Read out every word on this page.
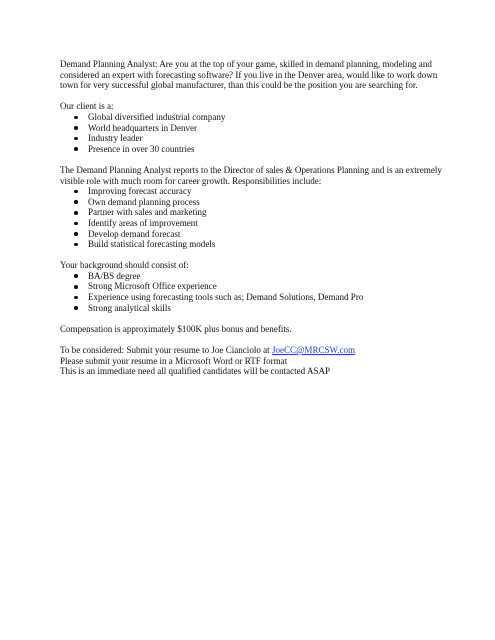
Demand Planning Analyst: Are you at the top of your game, skilled in demand planning, modeling and considered an expert with forecasting software? If you live in the Denver area, would like to work down town for very successful global manufacturer, than this could be the position you are searching for.

Our client is a:

Global diversified industrial company
World headquarters in Denver
Industry leader
Presence in over 30 countries

The Demand Planning Analyst reports to the Director of sales & Operations Planning and is an extremely visible role with much room for career growth. Responsibilities include:

Improving forecast accuracy
Own demand planning process
Partner with sales and marketing
Identify areas of improvement
Develop demand forecast
Build statistical forecasting models

Your background should consist of:

BA/BS degree
Strong Microsoft Office experience
Experience using forecasting tools such as; Demand Solutions, Demand Pro
Strong analytical skills

Compensation is approximately $100K plus bonus and benefits.

To be considered: Submit your resume to Joe Cianciolo at JoeCC@MRCSW.com

Please submit your resume in a Microsoft Word or RTF format

This is an immediate need all qualified candidates will be contacted ASAP
